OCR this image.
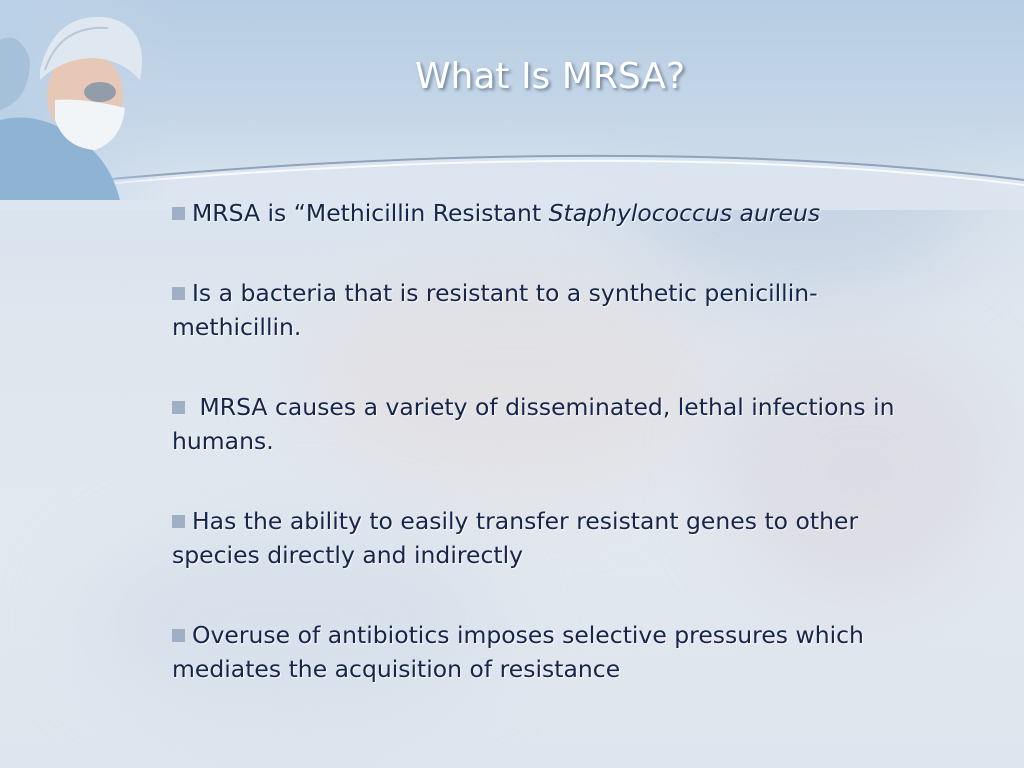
What Is MRSA?

MRSA is “Methicillin Resistant Staphylococcus aureus

Is a bacteria that is resistant to a synthetic penicillin-methicillin.

MRSA causes a variety of disseminated, lethal infections in humans.

Has the ability to easily transfer resistant genes to other species directly and indirectly

Overuse of antibiotics imposes selective pressures which mediates the acquisition of resistance
